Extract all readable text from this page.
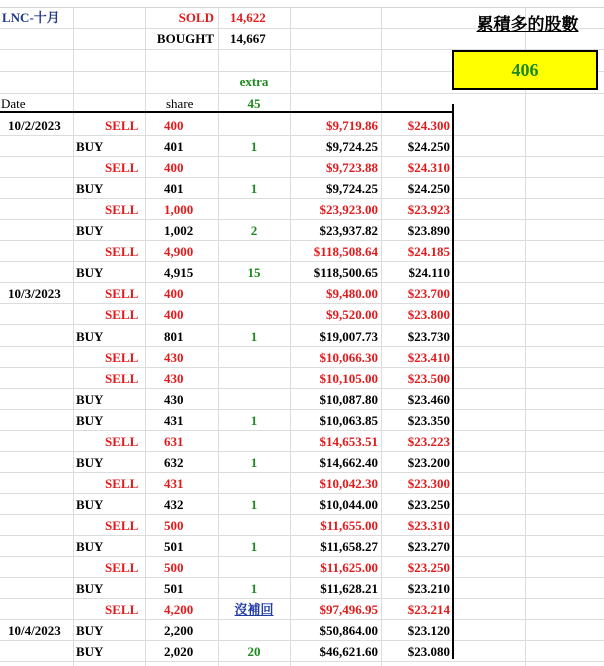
LNC-十月	SOLD 14,622
BOUGHT 14,667
extra
Date	share	45
10/2/2023	SELL 400	$9,719.86	$24.300
BUY	401	1	$9,724.25	$24.250
SELL 400	$9,723.88	$24.310
BUY	401	1	$9,724.25	$24.250
SELL 1,000	$23,923.00	$23.923
BUY	1,002	2	$23,937.82	$23.890
SELL 4,900	$118,508.64	$24.185
BUY	4,915	15	$118,500.65	$24.110
10/3/2023	SELL 400	$9,480.00	$23.700
SELL 400	$9,520.00	$23.800
BUY	801	1	$19,007.73	$23.730
SELL 430	$10,066.30	$23.410
SELL 430	$10,105.00	$23.500
BUY	430	$10,087.80	$23.460
BUY	431	1	$10,063.85	$23.350
SELL 631	$14,653.51	$23.223
BUY	632	1	$14,662.40	$23.200
SELL 431	$10,042.30	$23.300
BUY	432	1	$10,044.00	$23.250
SELL 500	$11,655.00	$23.310
BUY	501	1	$11,658.27	$23.270
SELL 500	$11,625.00	$23.250
BUY	501	1	$11,628.21	$23.210
SELL 4,200	沒補回	$97,496.95	$23.214
10/4/2023 BUY	2,200	$50,864.00	$23.120
BUY	2,020	20	$46,621.60	$23.080
累積多的股數
406
